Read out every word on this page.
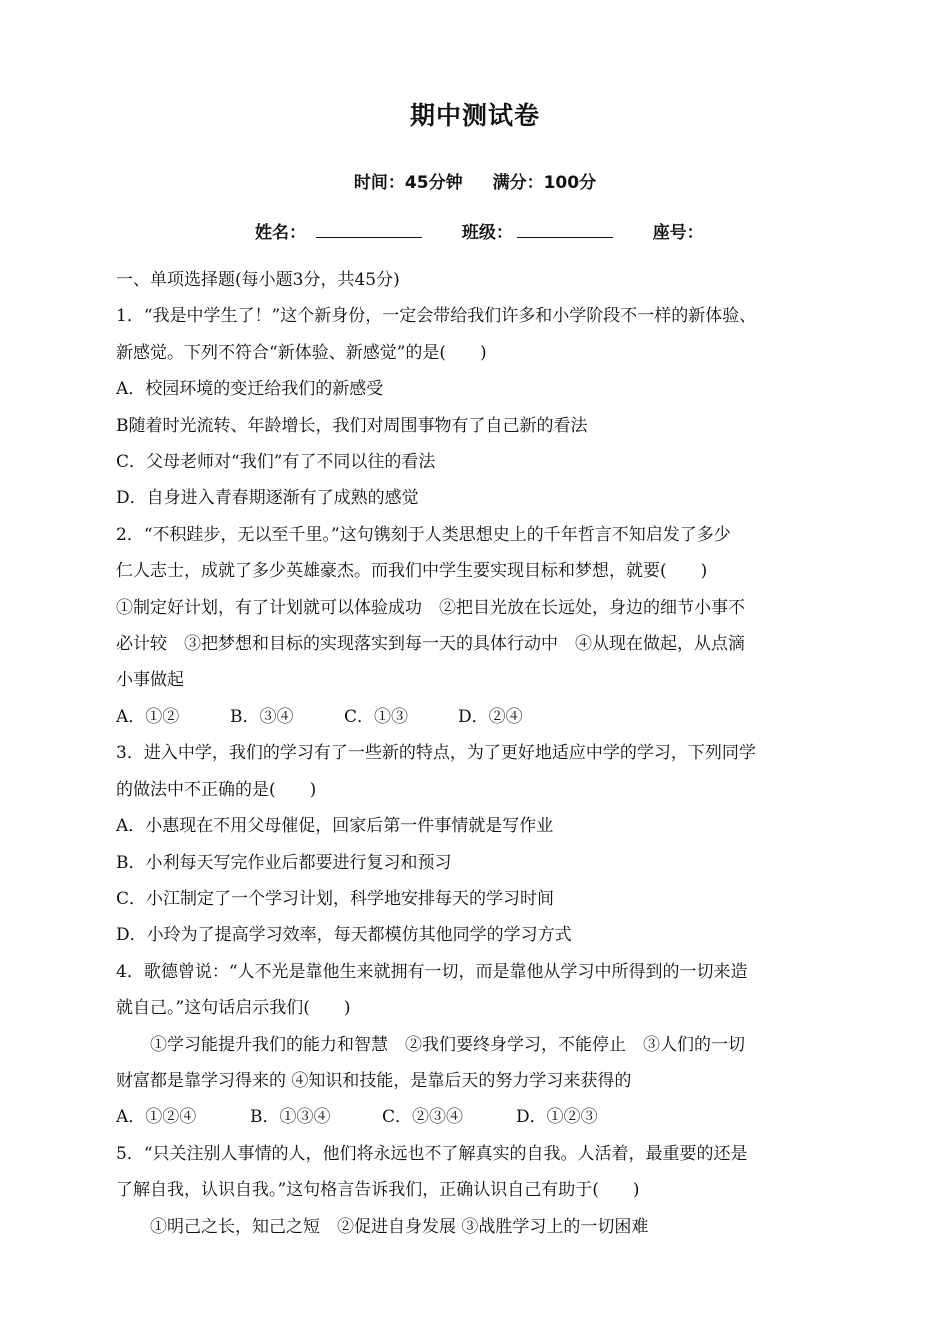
期中测试卷
时间：45分钟 满分：100分
姓名：	班级：	座号：
一、单项选择题(每小题3分，共45分)
1．“我是中学生了！”这个新身份，一定会带给我们许多和小学阶段不一样的新体验、
新感觉。下列不符合“新体验、新感觉”的是(　　)
A．校园环境的变迁给我们的新感受
B随着时光流转、年龄增长，我们对周围事物有了自己新的看法
C．父母老师对“我们”有了不同以往的看法
D．自身进入青春期逐渐有了成熟的感觉
2．“不积跬步，无以至千里。”这句镌刻于人类思想史上的千年哲言不知启发了多少
仁人志士，成就了多少英雄豪杰。而我们中学生要实现目标和梦想，就要(　　)
①制定好计划，有了计划就可以体验成功　②把目光放在长远处，身边的细节小事不
必计较　③把梦想和目标的实现落实到每一天的具体行动中　④从现在做起，从点滴
小事做起
A．①②	B．③④	C．①③	D．②④
3．进入中学，我们的学习有了一些新的特点，为了更好地适应中学的学习，下列同学
的做法中不正确的是(　　)
A．小惠现在不用父母催促，回家后第一件事情就是写作业
B．小利每天写完作业后都要进行复习和预习
C．小江制定了一个学习计划，科学地安排每天的学习时间
D．小玲为了提高学习效率，每天都模仿其他同学的学习方式
4．歌德曾说：“人不光是靠他生来就拥有一切，而是靠他从学习中所得到的一切来造
就自己。”这句话启示我们(　　)
①学习能提升我们的能力和智慧　②我们要终身学习，不能停止　③人们的一切
财富都是靠学习得来的 ④知识和技能，是靠后天的努力学习来获得的
A．①②④	B．①③④	C．②③④	D．①②③
5．“只关注别人事情的人，他们将永远也不了解真实的自我。人活着，最重要的还是
了解自我，认识自我。”这句格言告诉我们，正确认识自己有助于(　　)
①明己之长，知己之短　②促进自身发展 ③战胜学习上的一切困难
